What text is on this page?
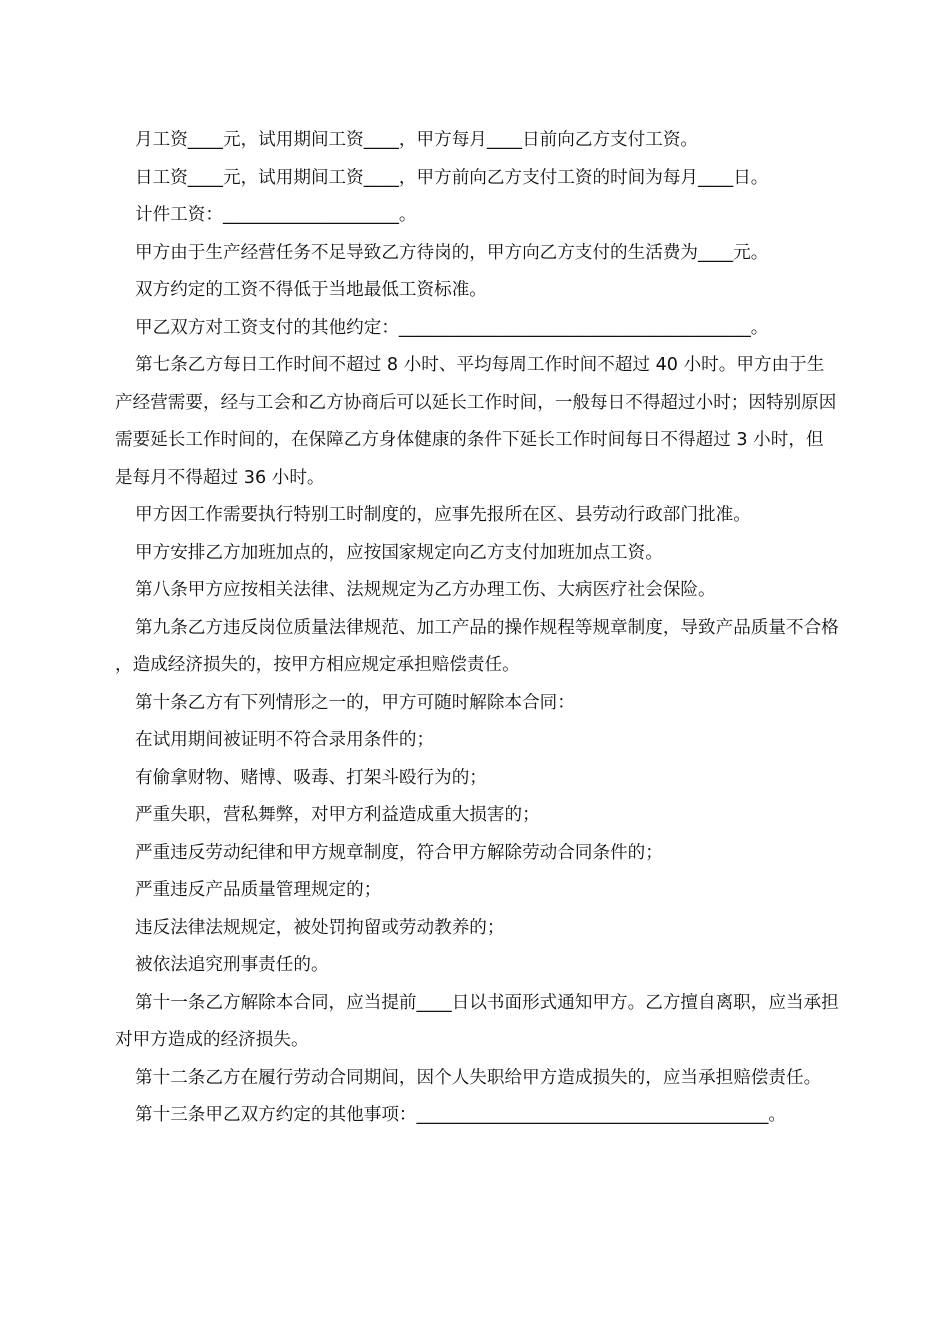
月工资____元，试用期间工资____，甲方每月____日前向乙方支付工资。

日工资____元，试用期间工资____，甲方前向乙方支付工资的时间为每月____日。

计件工资：____________________。

甲方由于生产经营任务不足导致乙方待岗的，甲方向乙方支付的生活费为____元。

双方约定的工资不得低于当地最低工资标准。

甲乙双方对工资支付的其他约定：________________________________________。

第七条乙方每日工作时间不超过 8 小时、平均每周工作时间不超过 40 小时。甲方由于生产经营需要，经与工会和乙方协商后可以延长工作时间，一般每日不得超过小时；因特别原因需要延长工作时间的，在保障乙方身体健康的条件下延长工作时间每日不得超过 3 小时，但是每月不得超过 36 小时。

甲方因工作需要执行特别工时制度的，应事先报所在区、县劳动行政部门批准。

甲方安排乙方加班加点的，应按国家规定向乙方支付加班加点工资。

第八条甲方应按相关法律、法规规定为乙方办理工伤、大病医疗社会保险。

第九条乙方违反岗位质量法律规范、加工产品的操作规程等规章制度，导致产品质量不合格，造成经济损失的，按甲方相应规定承担赔偿责任。

第十条乙方有下列情形之一的，甲方可随时解除本合同：

在试用期间被证明不符合录用条件的；

有偷拿财物、赌博、吸毒、打架斗殴行为的；

严重失职，营私舞弊，对甲方利益造成重大损害的；

严重违反劳动纪律和甲方规章制度，符合甲方解除劳动合同条件的；

严重违反产品质量管理规定的；

违反法律法规规定，被处罚拘留或劳动教养的；

被依法追究刑事责任的。

第十一条乙方解除本合同，应当提前____日以书面形式通知甲方。乙方擅自离职，应当承担对甲方造成的经济损失。

第十二条乙方在履行劳动合同期间，因个人失职给甲方造成损失的，应当承担赔偿责任。

第十三条甲乙双方约定的其他事项：________________________________________。
